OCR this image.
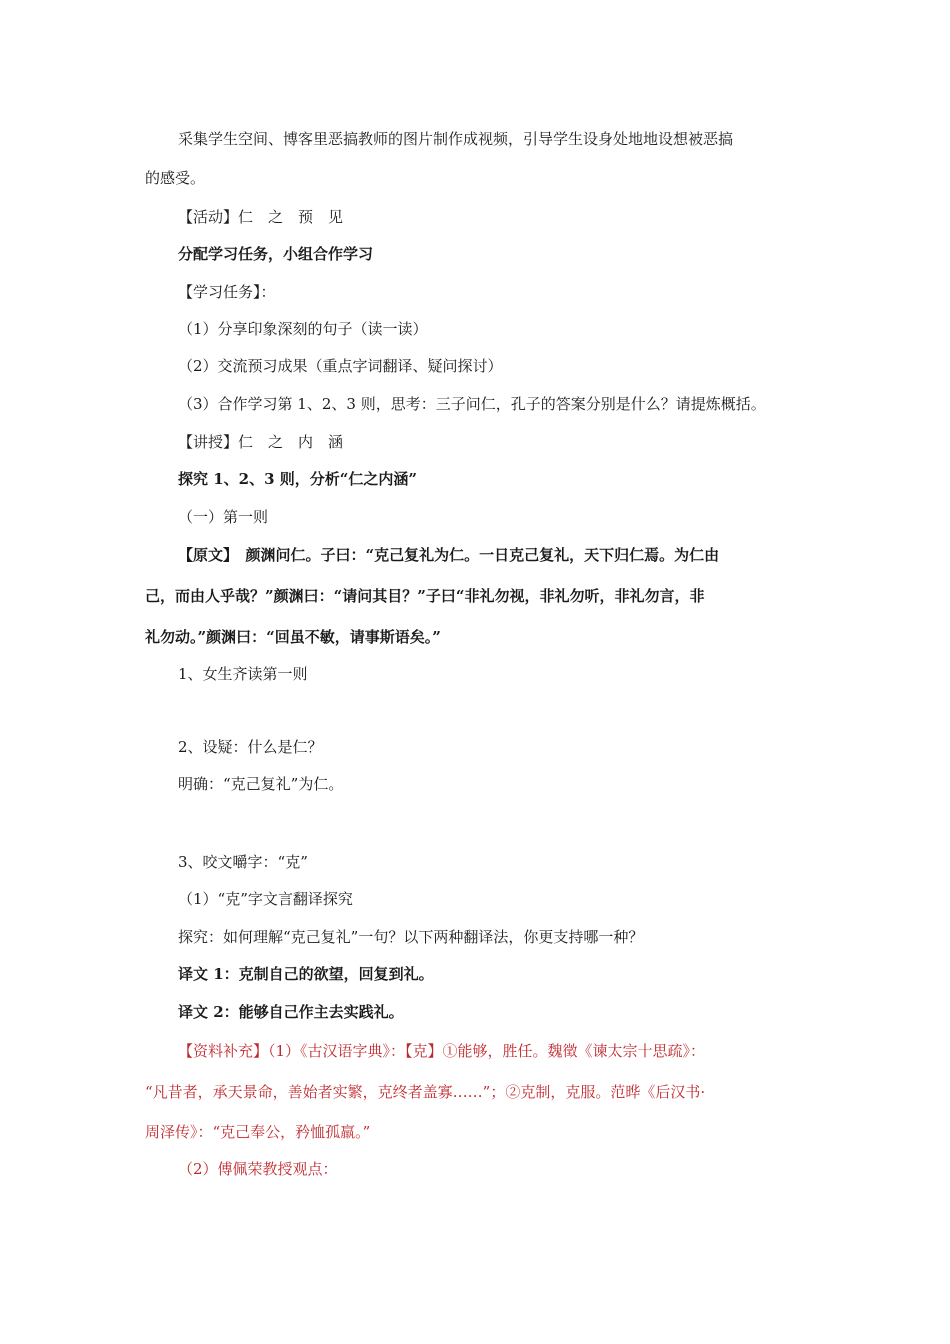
采集学生空间、博客里恶搞教师的图片制作成视频，引导学生设身处地地设想被恶搞
的感受。
【活动】仁　之　预　见
分配学习任务，小组合作学习
【学习任务】：
（1）分享印象深刻的句子（读一读）
（2）交流预习成果（重点字词翻译、疑问探讨）
（3）合作学习第 1、2、3 则，思考：三子问仁，孔子的答案分别是什么？请提炼概括。
【讲授】仁　之　内　涵
探究 1、2、3 则，分析“仁之内涵”
（一）第一则
【原文】　颜渊问仁。子曰：“克己复礼为仁。一日克己复礼，天下归仁焉。为仁由
己，而由人乎哉？”颜渊曰：“请问其目？”子曰“非礼勿视，非礼勿听，非礼勿言，非
礼勿动。”颜渊曰：“回虽不敏，请事斯语矣。”
1、女生齐读第一则
2、设疑：什么是仁？
明确：“克己复礼”为仁。
3、咬文嚼字：“克”
（1）“克”字文言翻译探究
探究：如何理解“克己复礼”一句？以下两种翻译法，你更支持哪一种？
译文 1：克制自己的欲望，回复到礼。
译文 2：能够自己作主去实践礼。
【资料补充】（1）《古汉语字典》：【克】①能够，胜任。魏徵《谏太宗十思疏》：
“凡昔者，承天景命，善始者实繁，克终者盖寡……”；②克制，克服。范晔《后汉书·
周泽传》：“克己奉公，矜恤孤羸。”
（2）傅佩荣教授观点：
